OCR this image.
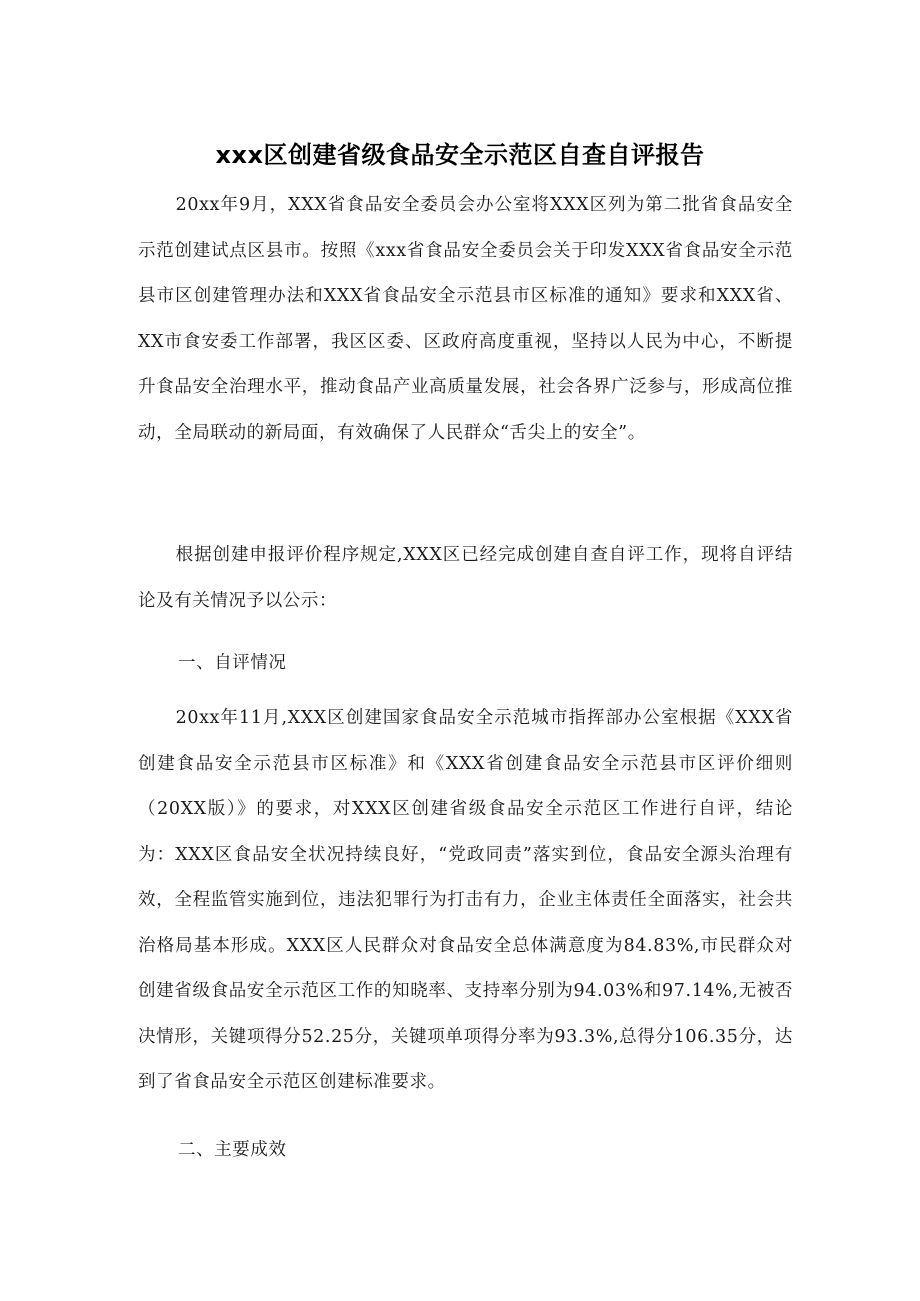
xxx区创建省级食品安全示范区自查自评报告
20xx年9月，XXX省食品安全委员会办公室将XXX区列为第二批省食品安全示范创建试点区县市。按照《xxx省食品安全委员会关于印发XXX省食品安全示范县市区创建管理办法和XXX省食品安全示范县市区标准的通知》要求和XXX省、XX市食安委工作部署，我区区委、区政府高度重视，坚持以人民为中心，不断提升食品安全治理水平，推动食品产业高质量发展，社会各界广泛参与，形成高位推动，全局联动的新局面，有效确保了人民群众“舌尖上的安全”。
根据创建申报评价程序规定,XXX区已经完成创建自查自评工作，现将自评结论及有关情况予以公示：
一、自评情况
20xx年11月,XXX区创建国家食品安全示范城市指挥部办公室根据《XXX省创建食品安全示范县市区标准》和《XXX省创建食品安全示范县市区评价细则（20XX版）》的要求，对XXX区创建省级食品安全示范区工作进行自评，结论为：XXX区食品安全状况持续良好，“党政同责”落实到位，食品安全源头治理有效，全程监管实施到位，违法犯罪行为打击有力，企业主体责任全面落实，社会共治格局基本形成。XXX区人民群众对食品安全总体满意度为84.83%,市民群众对创建省级食品安全示范区工作的知晓率、支持率分别为94.03%和97.14%,无被否决情形，关键项得分52.25分，关键项单项得分率为93.3%,总得分106.35分，达到了省食品安全示范区创建标准要求。
二、主要成效
